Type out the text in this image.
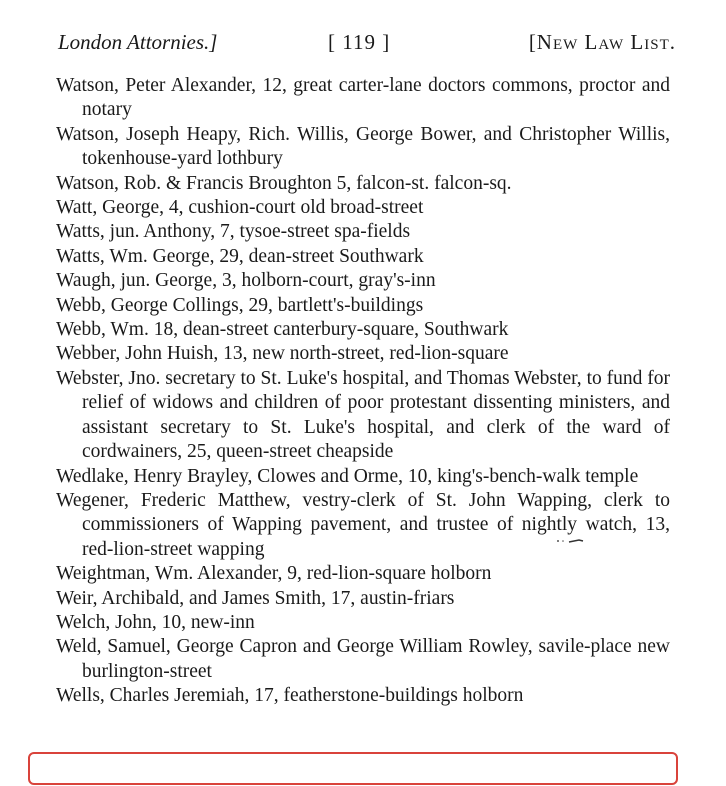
London Attornies.]	[ 119 ]	[New Law List.

Watson, Peter Alexander, 12, great carter-lane doctors commons, proctor and notary

Watson, Joseph Heapy, Rich. Willis, George Bower, and Christopher Willis, tokenhouse-yard lothbury

Watson, Rob. & Francis Broughton 5, falcon-st. falcon-sq.

Watt, George, 4, cushion-court old broad-street

Watts, jun. Anthony, 7, tysoe-street spa-fields

Watts, Wm. George, 29, dean-street Southwark

Waugh, jun. George, 3, holborn-court, gray's-inn

Webb, George Collings, 29, bartlett's-buildings

Webb, Wm. 18, dean-street canterbury-square, Southwark

Webber, John Huish, 13, new north-street, red-lion-square

Webster, Jno. secretary to St. Luke's hospital, and Thomas Webster, to fund for relief of widows and children of poor protestant dissenting ministers, and assistant secretary to St. Luke's hospital, and clerk of the ward of cordwainers, 25, queen-street cheapside

Wedlake, Henry Brayley, Clowes and Orme, 10, king's-bench-walk temple

Wegener, Frederic Matthew, vestry-clerk of St. John Wapping, clerk to commissioners of Wapping pavement, and trustee of nightly watch, 13, red-lion-street wapping

Weightman, Wm. Alexander, 9, red-lion-square holborn

Weir, Archibald, and James Smith, 17, austin-friars

Welch, John, 10, new-inn

Weld, Samuel, George Capron and George William Rowley, savile-place new burlington-street

Wells, Charles Jeremiah, 17, featherstone-buildings holborn
